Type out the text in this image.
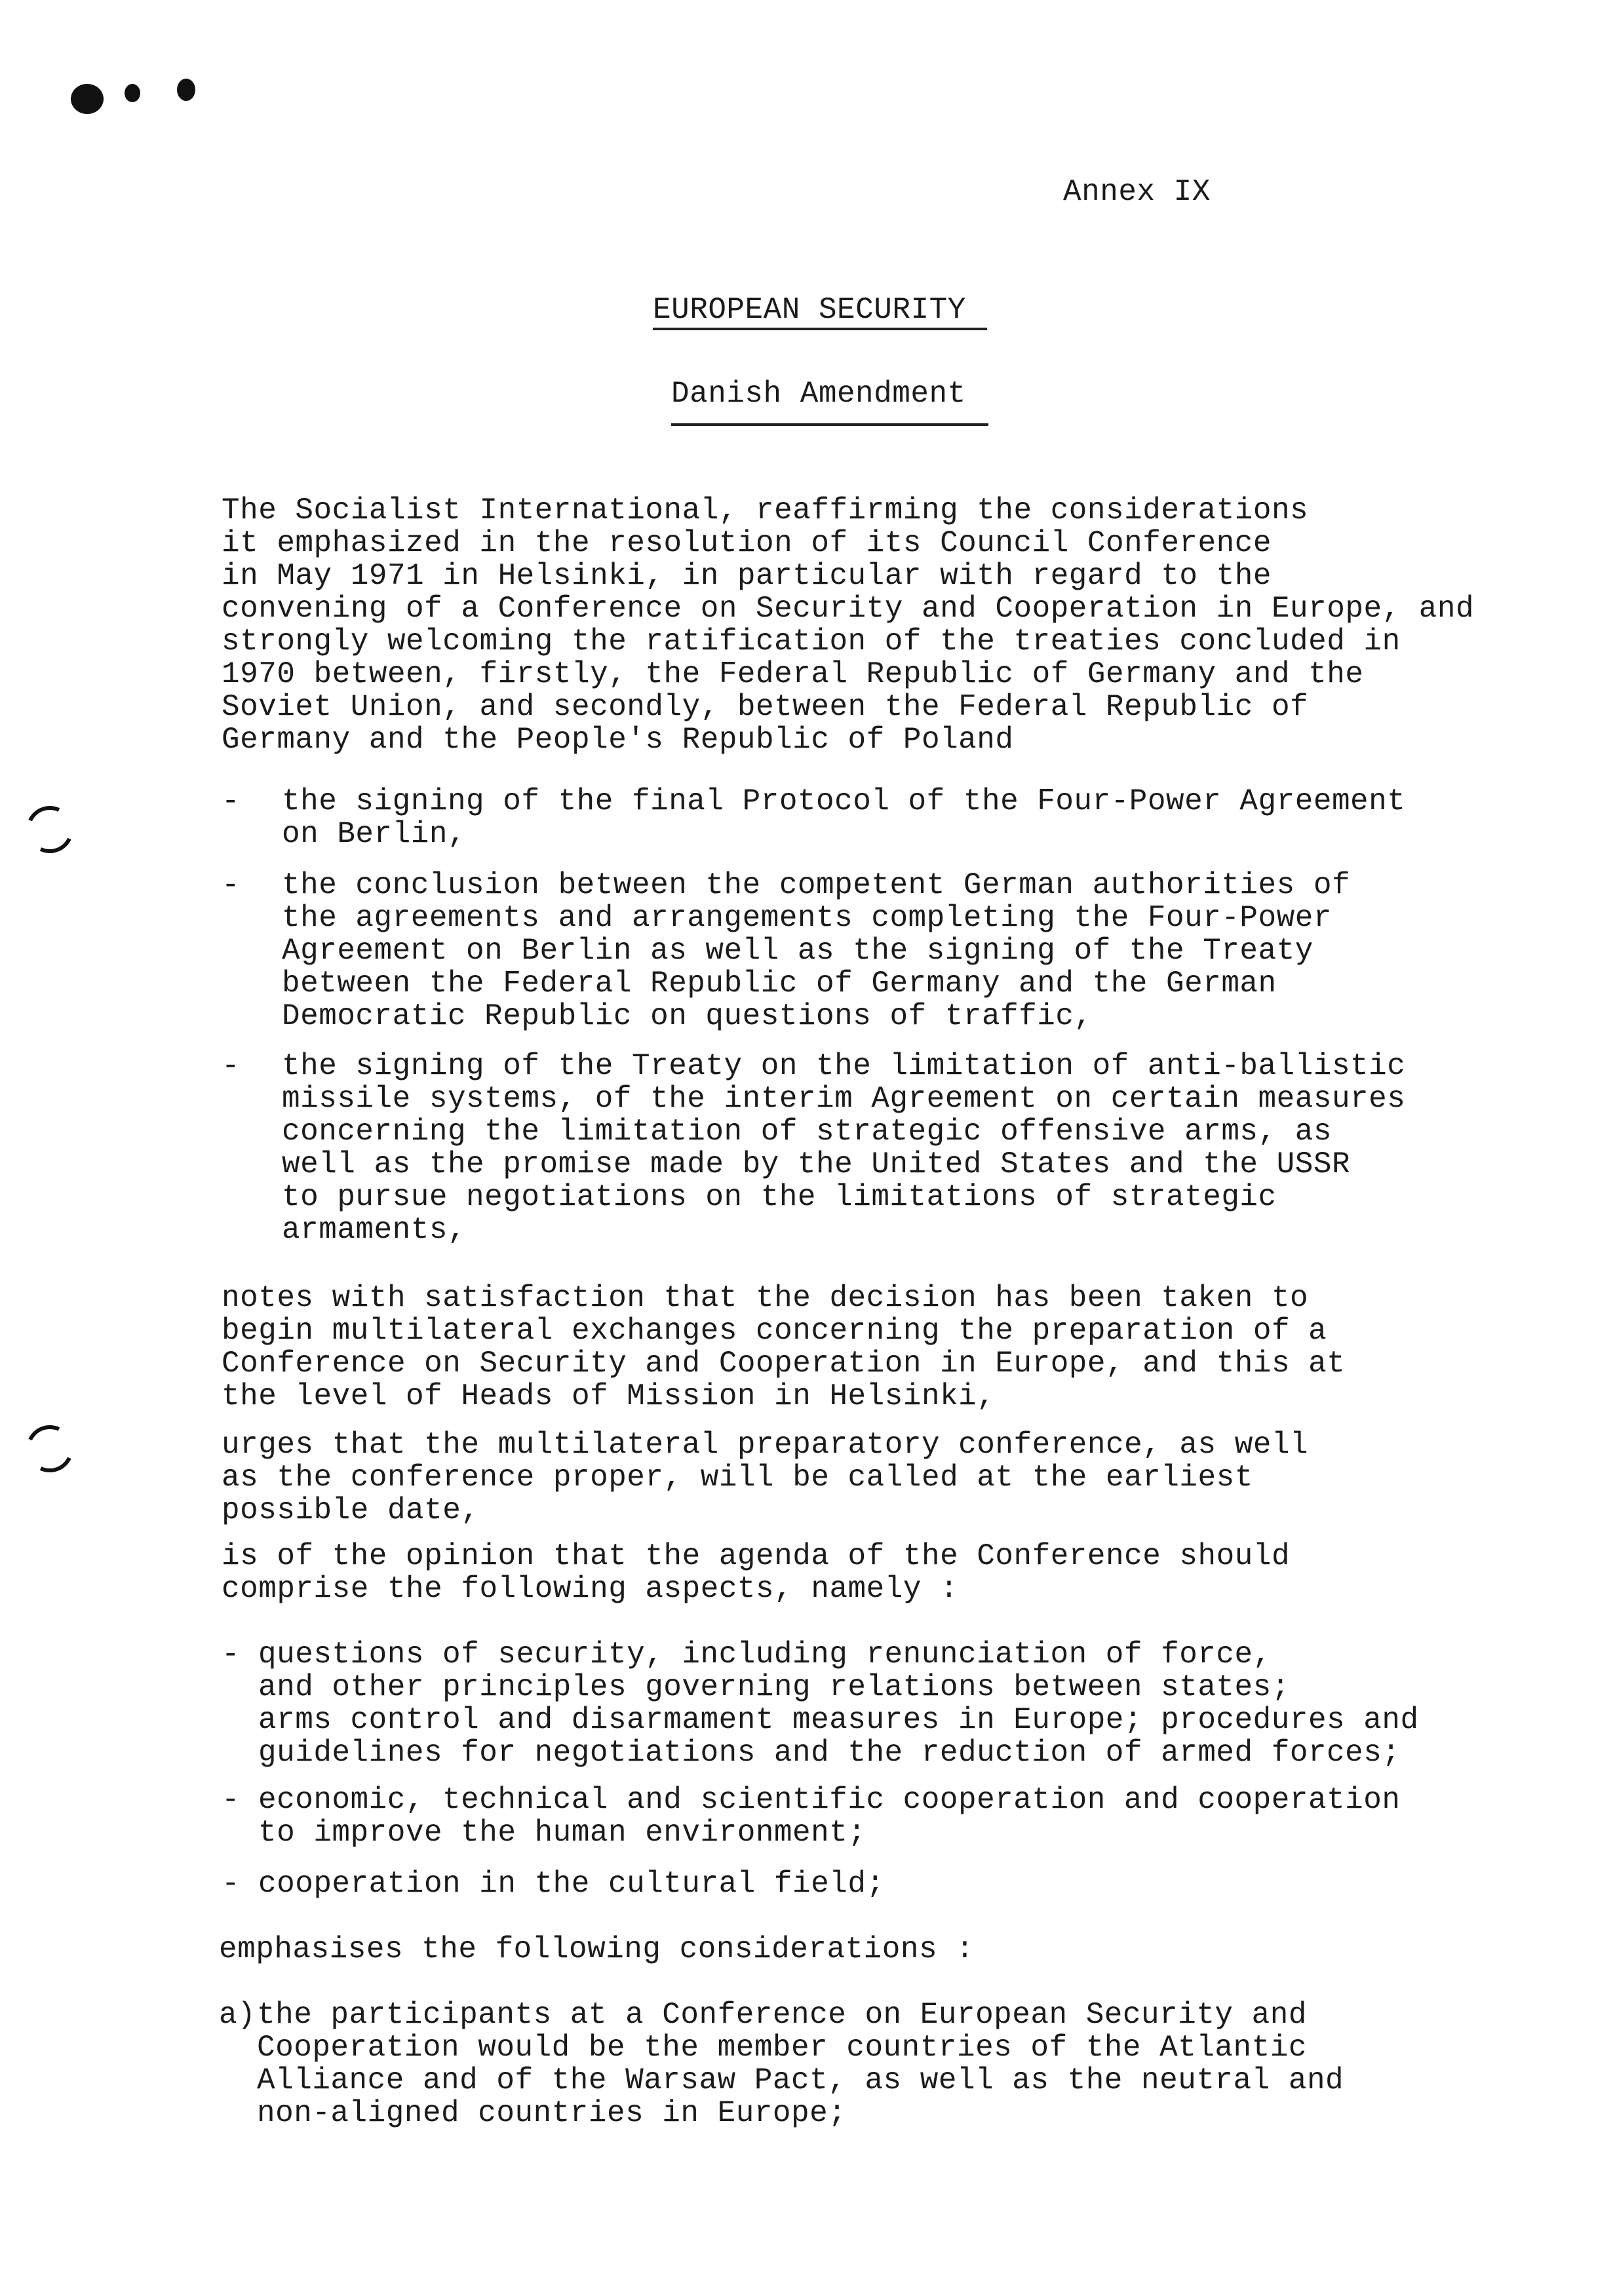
Annex IX
EUROPEAN SECURITY
Danish Amendment
The Socialist International, reaffirming the considerations
it emphasized in the resolution of its Council Conference
in May 1971 in Helsinki, in particular with regard to the
convening of a Conference on Security and Cooperation in Europe, and
strongly welcoming the ratification of the treaties concluded in
1970 between, firstly, the Federal Republic of Germany and the
Soviet Union, and secondly, between the Federal Republic of
Germany and the People's Republic of Poland
- the signing of the final Protocol of the Four-Power Agreement
on Berlin,
- the conclusion between the competent German authorities of
the agreements and arrangements completing the Four-Power
Agreement on Berlin as well as the signing of the Treaty
between the Federal Republic of Germany and the German
Democratic Republic on questions of traffic,
- the signing of the Treaty on the limitation of anti-ballistic
missile systems, of the interim Agreement on certain measures
concerning the limitation of strategic offensive arms, as
well as the promise made by the United States and the USSR
to pursue negotiations on the limitations of strategic
armaments,
notes with satisfaction that the decision has been taken to
begin multilateral exchanges concerning the preparation of a
Conference on Security and Cooperation in Europe, and this at
the level of Heads of Mission in Helsinki,
urges that the multilateral preparatory conference, as well
as the conference proper, will be called at the earliest
possible date,
is of the opinion that the agenda of the Conference should
comprise the following aspects, namely :
- questions of security, including renunciation of force,
and other principles governing relations between states;
arms control and disarmament measures in Europe; procedures and
guidelines for negotiations and the reduction of armed forces;
- economic, technical and scientific cooperation and cooperation
to improve the human environment;
- cooperation in the cultural field;
emphasises the following considerations :
a) the participants at a Conference on European Security and
Cooperation would be the member countries of the Atlantic
Alliance and of the Warsaw Pact, as well as the neutral and
non-aligned countries in Europe;
